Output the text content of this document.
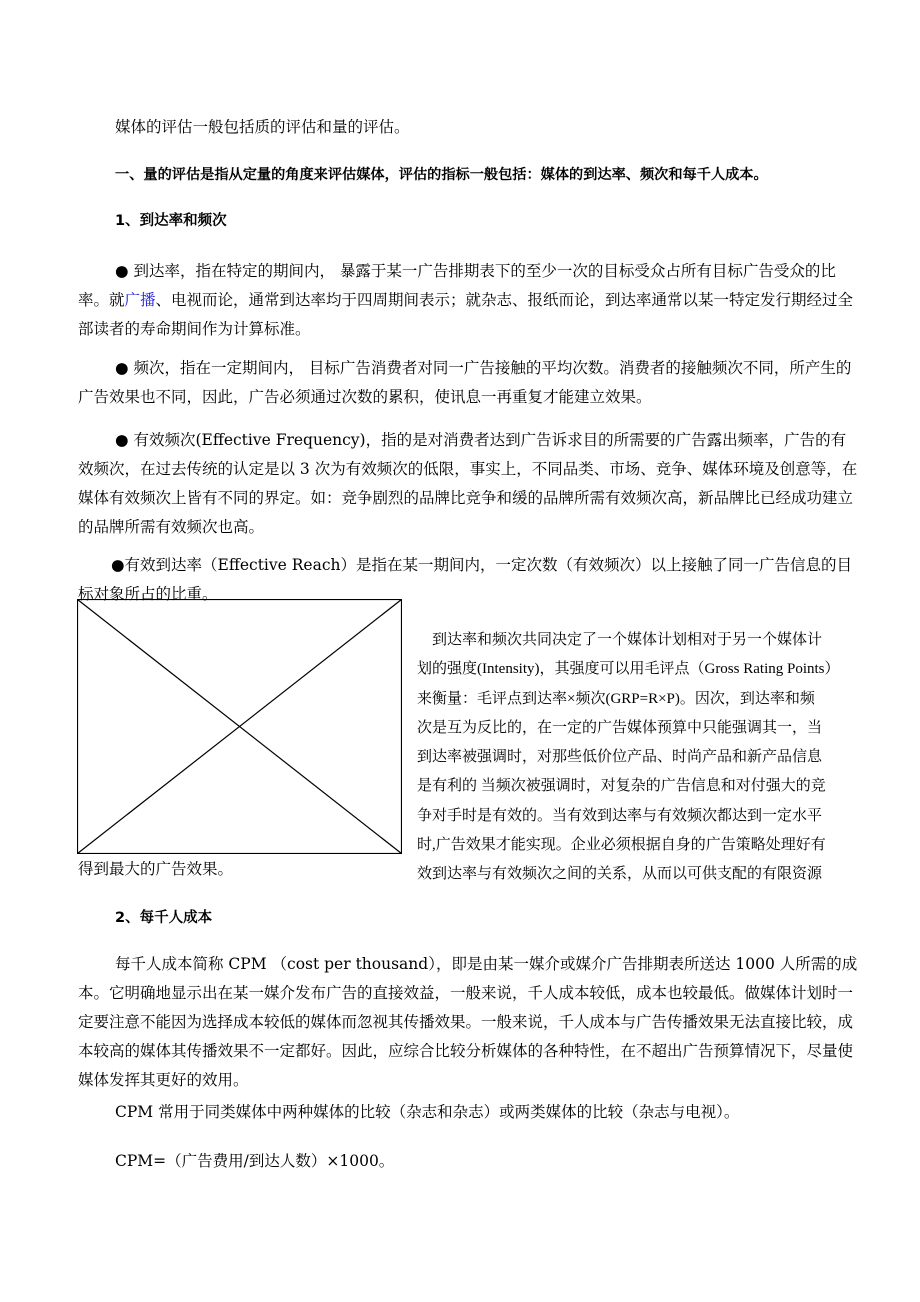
媒体的评估一般包括质的评估和量的评估。

一、量的评估是指从定量的角度来评估媒体，评估的指标一般包括：媒体的到达率、频次和每千人成本。

1、到达率和频次

● 到达率，指在特定的期间内， 暴露于某一广告排期表下的至少一次的目标受众占所有目标广告受众的比率。就广播、电视而论，通常到达率均于四周期间表示；就杂志、报纸而论，到达率通常以某一特定发行期经过全部读者的寿命期间作为计算标准。

● 频次，指在一定期间内， 目标广告消费者对同一广告接触的平均次数。消费者的接触频次不同，所产生的广告效果也不同，因此，广告必须通过次数的累积，使讯息一再重复才能建立效果。

● 有效频次(Effective Frequency)，指的是对消费者达到广告诉求目的所需要的广告露出频率，广告的有效频次，在过去传统的认定是以 3 次为有效频次的低限，事实上，不同品类、市场、竞争、媒体环境及创意等，在媒体有效频次上皆有不同的界定。如：竞争剧烈的品牌比竞争和缓的品牌所需有效频次高，新品牌比已经成功建立的品牌所需有效频次也高。

●有效到达率（Effective Reach）是指在某一期间内，一定次数（有效频次）以上接触了同一广告信息的目标对象所占的比重。

　到达率和频次共同决定了一个媒体计划相对于另一个媒体计
划的强度(Intensity)，其强度可以用毛评点（Gross Rating Points）
来衡量：毛评点到达率×频次(GRP=R×P)。因次，到达率和频
次是互为反比的，在一定的广告媒体预算中只能强调其一，当
到达率被强调时，对那些低价位产品、时尚产品和新产品信息
是有利的 当频次被强调时，对复杂的广告信息和对付强大的竞
争对手时是有效的。当有效到达率与有效频次都达到一定水平
时,广告效果才能实现。企业必须根据自身的广告策略处理好有
效到达率与有效频次之间的关系，从而以可供支配的有限资源

得到最大的广告效果。

2、每千人成本

每千人成本简称 CPM （cost per thousand），即是由某一媒介或媒介广告排期表所送达 1000 人所需的成本。它明确地显示出在某一媒介发布广告的直接效益，一般来说，千人成本较低，成本也较最低。做媒体计划时一定要注意不能因为选择成本较低的媒体而忽视其传播效果。一般来说，千人成本与广告传播效果无法直接比较，成本较高的媒体其传播效果不一定都好。因此，应综合比较分析媒体的各种特性，在不超出广告预算情况下，尽量使媒体发挥其更好的效用。

CPM 常用于同类媒体中两种媒体的比较（杂志和杂志）或两类媒体的比较（杂志与电视）。

CPM=（广告费用/到达人数）×1000。
